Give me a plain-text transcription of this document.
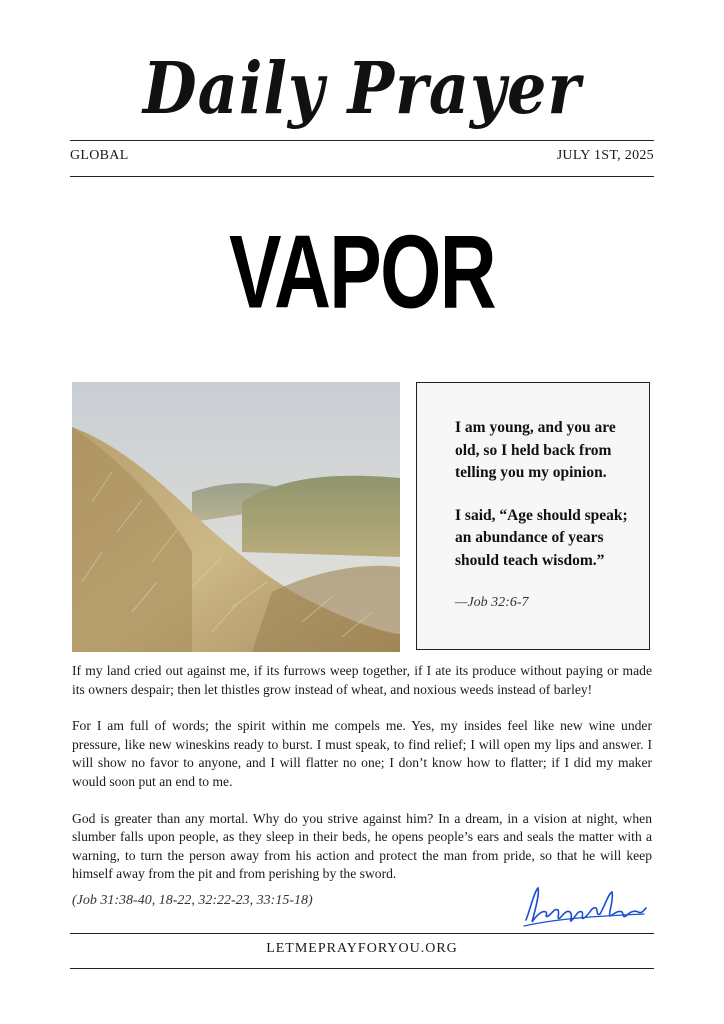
Daily Prayer
GLOBAL	JULY 1ST, 2025
VAPOR

I am young, and you are old, so I held back from telling you my opinion.

I said, “Age should speak; an abundance of years should teach wisdom.”

—Job 32:6-7

If my land cried out against me, if its furrows weep together, if I ate its produce without paying or made its owners despair; then let thistles grow instead of wheat, and noxious weeds instead of barley!

For I am full of words; the spirit within me compels me. Yes, my insides feel like new wine under pressure, like new wineskins ready to burst. I must speak, to find relief; I will open my lips and answer. I will show no favor to anyone, and I will flatter no one; I don’t know how to flatter; if I did my maker would soon put an end to me.

God is greater than any mortal. Why do you strive against him? In a dream, in a vision at night, when slumber falls upon people, as they sleep in their beds, he opens people’s ears and seals the matter with a warning, to turn the person away from his action and protect the man from pride, so that he will keep himself away from the pit and from perishing by the sword.

(Job 31:38-40, 18-22, 32:22-23, 33:15-18)
LETMEPRAYFORYOU.ORG
